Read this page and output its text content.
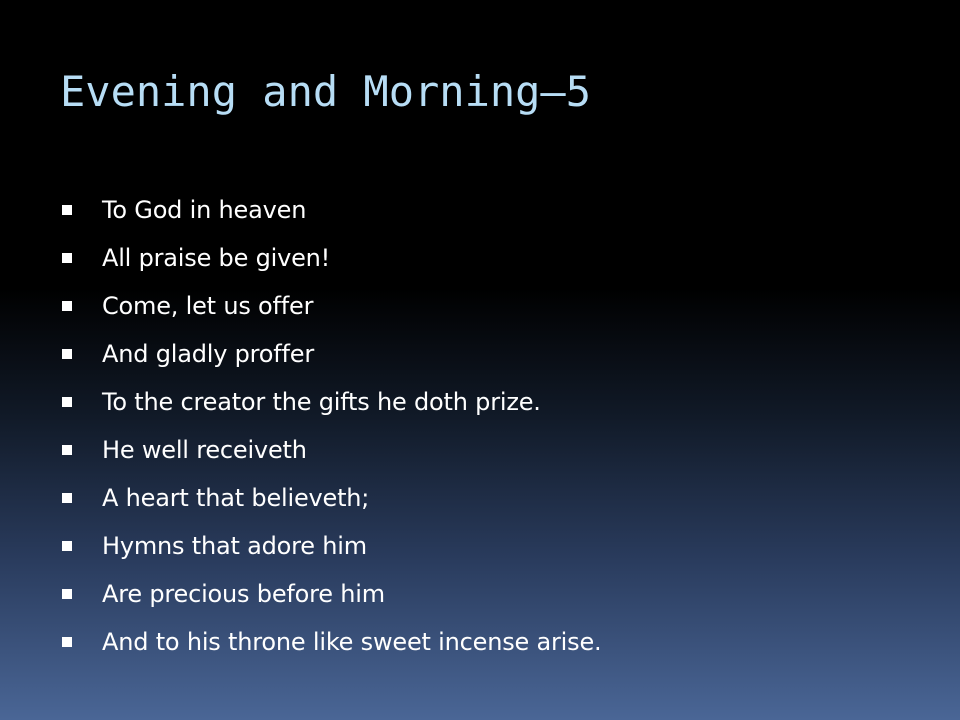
Evening and Morning—5
To God in heaven
All praise be given!
Come, let us offer
And gladly proffer
To the creator the gifts he doth prize.
He well receiveth
A heart that believeth;
Hymns that adore him
Are precious before him
And to his throne like sweet incense arise.
